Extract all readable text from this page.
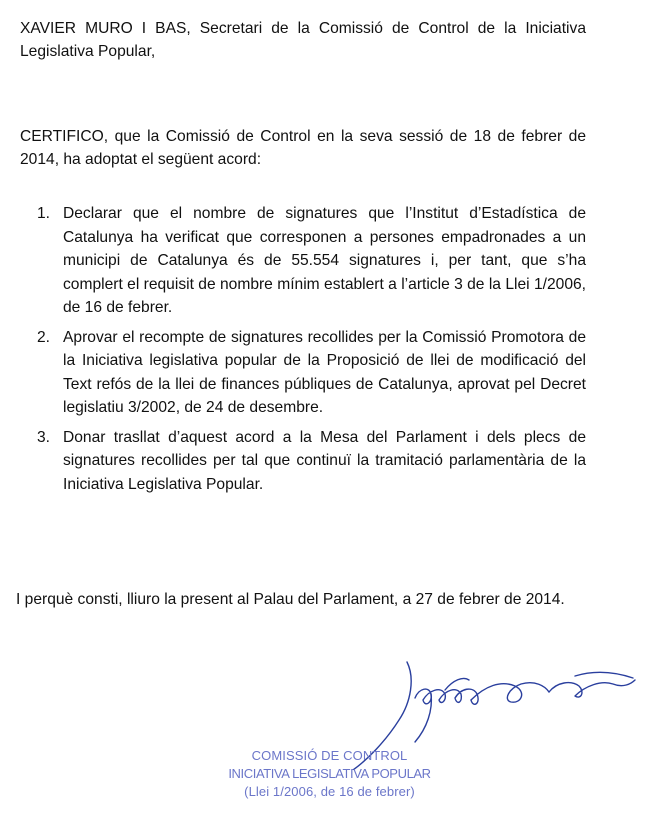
XAVIER MURO I BAS, Secretari de la Comissió de Control de la Iniciativa Legislativa Popular,

CERTIFICO, que la Comissió de Control en la seva sessió de 18 de febrer de 2014, ha adoptat el següent acord:

1. Declarar que el nombre de signatures que l’Institut d’Estadística de Catalunya ha verificat que corresponen a persones empadronades a un municipi de Catalunya és de 55.554 signatures i, per tant, que s’ha complert el requisit de nombre mínim establert a l’article 3 de la Llei 1/2006, de 16 de febrer.
2. Aprovar el recompte de signatures recollides per la Comissió Promotora de la Iniciativa legislativa popular de la Proposició de llei de modificació del Text refós de la llei de finances públiques de Catalunya, aprovat pel Decret legislatiu 3/2002, de 24 de desembre.
3. Donar trasllat d’aquest acord a la Mesa del Parlament i dels plecs de signatures recollides per tal que continuï la tramitació parlamentària de la Iniciativa Legislativa Popular.

I perquè consti, lliuro la present al Palau del Parlament, a 27 de febrer de 2014.

COMISSIÓ DE CONTROL
INICIATIVA LEGISLATIVA POPULAR
(Llei 1/2006, de 16 de febrer)
